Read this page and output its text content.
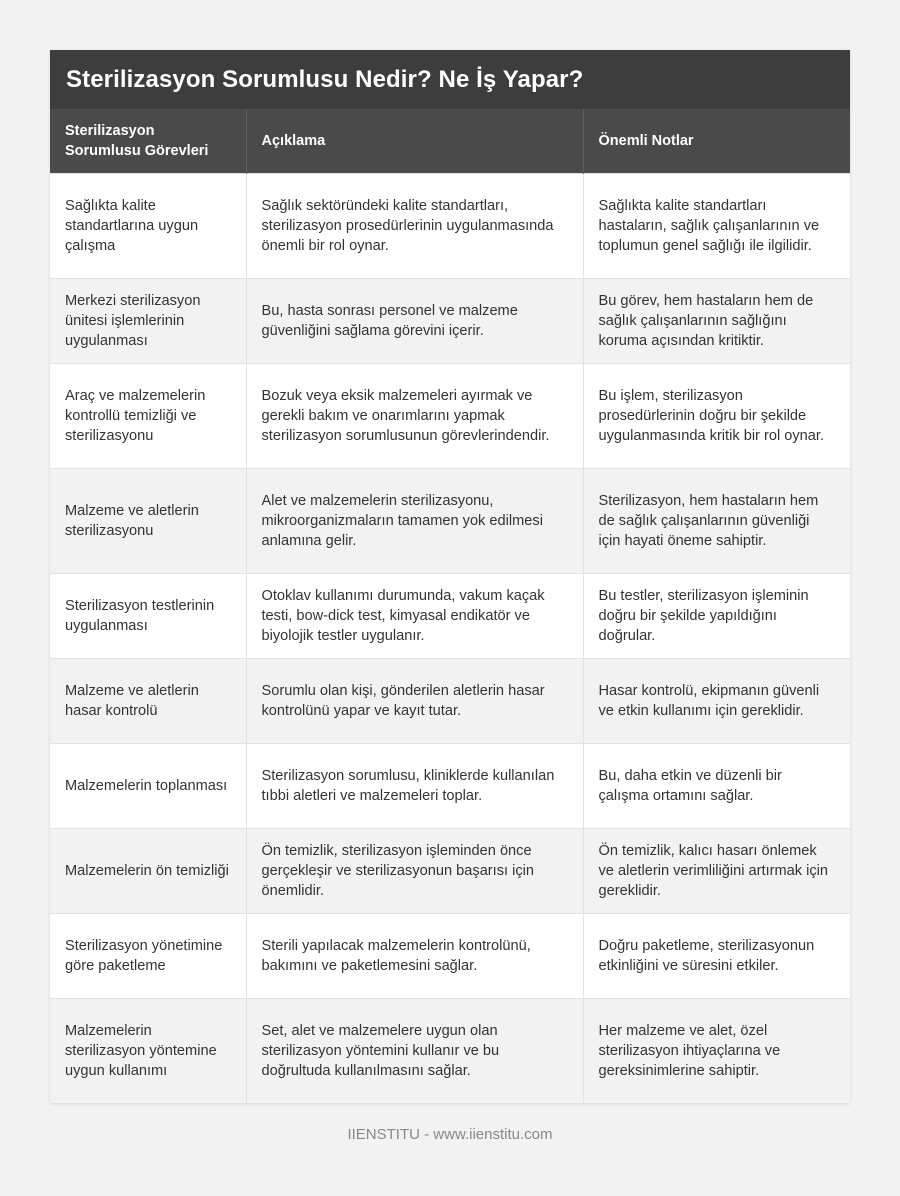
Sterilizasyon Sorumlusu Nedir? Ne İş Yapar?
Sterilizasyon Sorumlusu Görevleri	Açıklama	Önemli Notlar
Sağlıkta kalite standartlarına uygun çalışma	Sağlık sektöründeki kalite standartları, sterilizasyon prosedürlerinin uygulanmasında önemli bir rol oynar.	Sağlıkta kalite standartları hastaların, sağlık çalışanlarının ve toplumun genel sağlığı ile ilgilidir.
Merkezi sterilizasyon ünitesi işlemlerinin uygulanması	Bu, hasta sonrası personel ve malzeme güvenliğini sağlama görevini içerir.	Bu görev, hem hastaların hem de sağlık çalışanlarının sağlığını koruma açısından kritiktir.
Araç ve malzemelerin kontrollü temizliği ve sterilizasyonu	Bozuk veya eksik malzemeleri ayırmak ve gerekli bakım ve onarımlarını yapmak sterilizasyon sorumlusunun görevlerindendir.	Bu işlem, sterilizasyon prosedürlerinin doğru bir şekilde uygulanmasında kritik bir rol oynar.
Malzeme ve aletlerin sterilizasyonu	Alet ve malzemelerin sterilizasyonu, mikroorganizmaların tamamen yok edilmesi anlamına gelir.	Sterilizasyon, hem hastaların hem de sağlık çalışanlarının güvenliği için hayati öneme sahiptir.
Sterilizasyon testlerinin uygulanması	Otoklav kullanımı durumunda, vakum kaçak testi, bow-dick test, kimyasal endikatör ve biyolojik testler uygulanır.	Bu testler, sterilizasyon işleminin doğru bir şekilde yapıldığını doğrular.
Malzeme ve aletlerin hasar kontrolü	Sorumlu olan kişi, gönderilen aletlerin hasar kontrolünü yapar ve kayıt tutar.	Hasar kontrolü, ekipmanın güvenli ve etkin kullanımı için gereklidir.
Malzemelerin toplanması	Sterilizasyon sorumlusu, kliniklerde kullanılan tıbbi aletleri ve malzemeleri toplar.	Bu, daha etkin ve düzenli bir çalışma ortamını sağlar.
Malzemelerin ön temizliği	Ön temizlik, sterilizasyon işleminden önce gerçekleşir ve sterilizasyonun başarısı için önemlidir.	Ön temizlik, kalıcı hasarı önlemek ve aletlerin verimliliğini artırmak için gereklidir.
Sterilizasyon yönetimine göre paketleme	Sterili yapılacak malzemelerin kontrolünü, bakımını ve paketlemesini sağlar.	Doğru paketleme, sterilizasyonun etkinliğini ve süresini etkiler.
Malzemelerin sterilizasyon yöntemine uygun kullanımı	Set, alet ve malzemelere uygun olan sterilizasyon yöntemini kullanır ve bu doğrultuda kullanılmasını sağlar.	Her malzeme ve alet, özel sterilizasyon ihtiyaçlarına ve gereksinimlerine sahiptir.
IIENSTITU - www.iienstitu.com
